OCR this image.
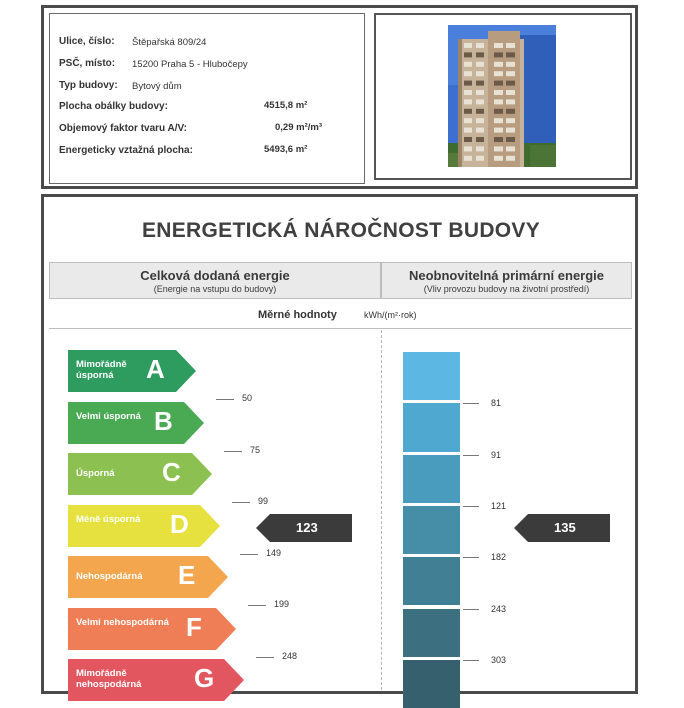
Ulice, číslo: Štěpařská 809/24
PSČ, místo: 15200 Praha 5 - Hlubočepy
Typ budovy: Bytový dům
Plocha obálky budovy:	4515,8 m²
Objemový faktor tvaru A/V:	0,29 m²/m³
Energeticky vztažná plocha:	5493,6 m²
ENERGETICKÁ NÁROČNOST BUDOVY
Celková dodaná energie
(Energie na vstupu do budovy)
Neobnovitelná primární energie
(Vliv provozu budovy na životní prostředí)
Měrné hodnoty	kWh/(m²·rok)
Mimořádně úsporná	A
50
Velmi úsporná B
75
Úsporná	C
99
Méně úsporná	D
149
Nehospodárná	E
199
Velmi nehospodárná F
248
Mimořádně nehospodárná	G
123
81
91
121
182
243
303
135
